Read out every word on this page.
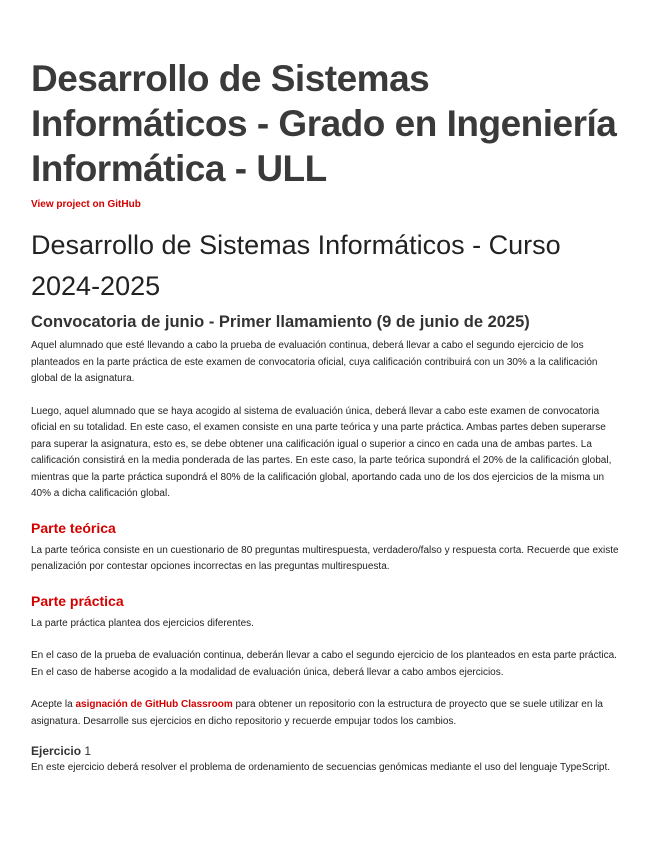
Desarrollo de Sistemas Informáticos - Grado en Ingeniería Informática - ULL
View project on GitHub
Desarrollo de Sistemas Informáticos - Curso 2024-2025
Convocatoria de junio - Primer llamamiento (9 de junio de 2025)

Aquel alumnado que esté llevando a cabo la prueba de evaluación continua, deberá llevar a cabo el segundo ejercicio de los planteados en la parte práctica de este examen de convocatoria oficial, cuya calificación contribuirá con un 30% a la calificación global de la asignatura.

Luego, aquel alumnado que se haya acogido al sistema de evaluación única, deberá llevar a cabo este examen de convocatoria oficial en su totalidad. En este caso, el examen consiste en una parte teórica y una parte práctica. Ambas partes deben superarse para superar la asignatura, esto es, se debe obtener una calificación igual o superior a cinco en cada una de ambas partes. La calificación consistirá en la media ponderada de las partes. En este caso, la parte teórica supondrá el 20% de la calificación global, mientras que la parte práctica supondrá el 80% de la calificación global, aportando cada uno de los dos ejercicios de la misma un 40% a dicha calificación global.

Parte teórica

La parte teórica consiste en un cuestionario de 80 preguntas multirespuesta, verdadero/falso y respuesta corta. Recuerde que existe penalización por contestar opciones incorrectas en las preguntas multirespuesta.

Parte práctica

La parte práctica plantea dos ejercicios diferentes.

En el caso de la prueba de evaluación continua, deberán llevar a cabo el segundo ejercicio de los planteados en esta parte práctica. En el caso de haberse acogido a la modalidad de evaluación única, deberá llevar a cabo ambos ejercicios.

Acepte la asignación de GitHub Classroom para obtener un repositorio con la estructura de proyecto que se suele utilizar en la asignatura. Desarrolle sus ejercicios en dicho repositorio y recuerde empujar todos los cambios.

Ejercicio 1

En este ejercicio deberá resolver el problema de ordenamiento de secuencias genómicas mediante el uso del lenguaje TypeScript.
